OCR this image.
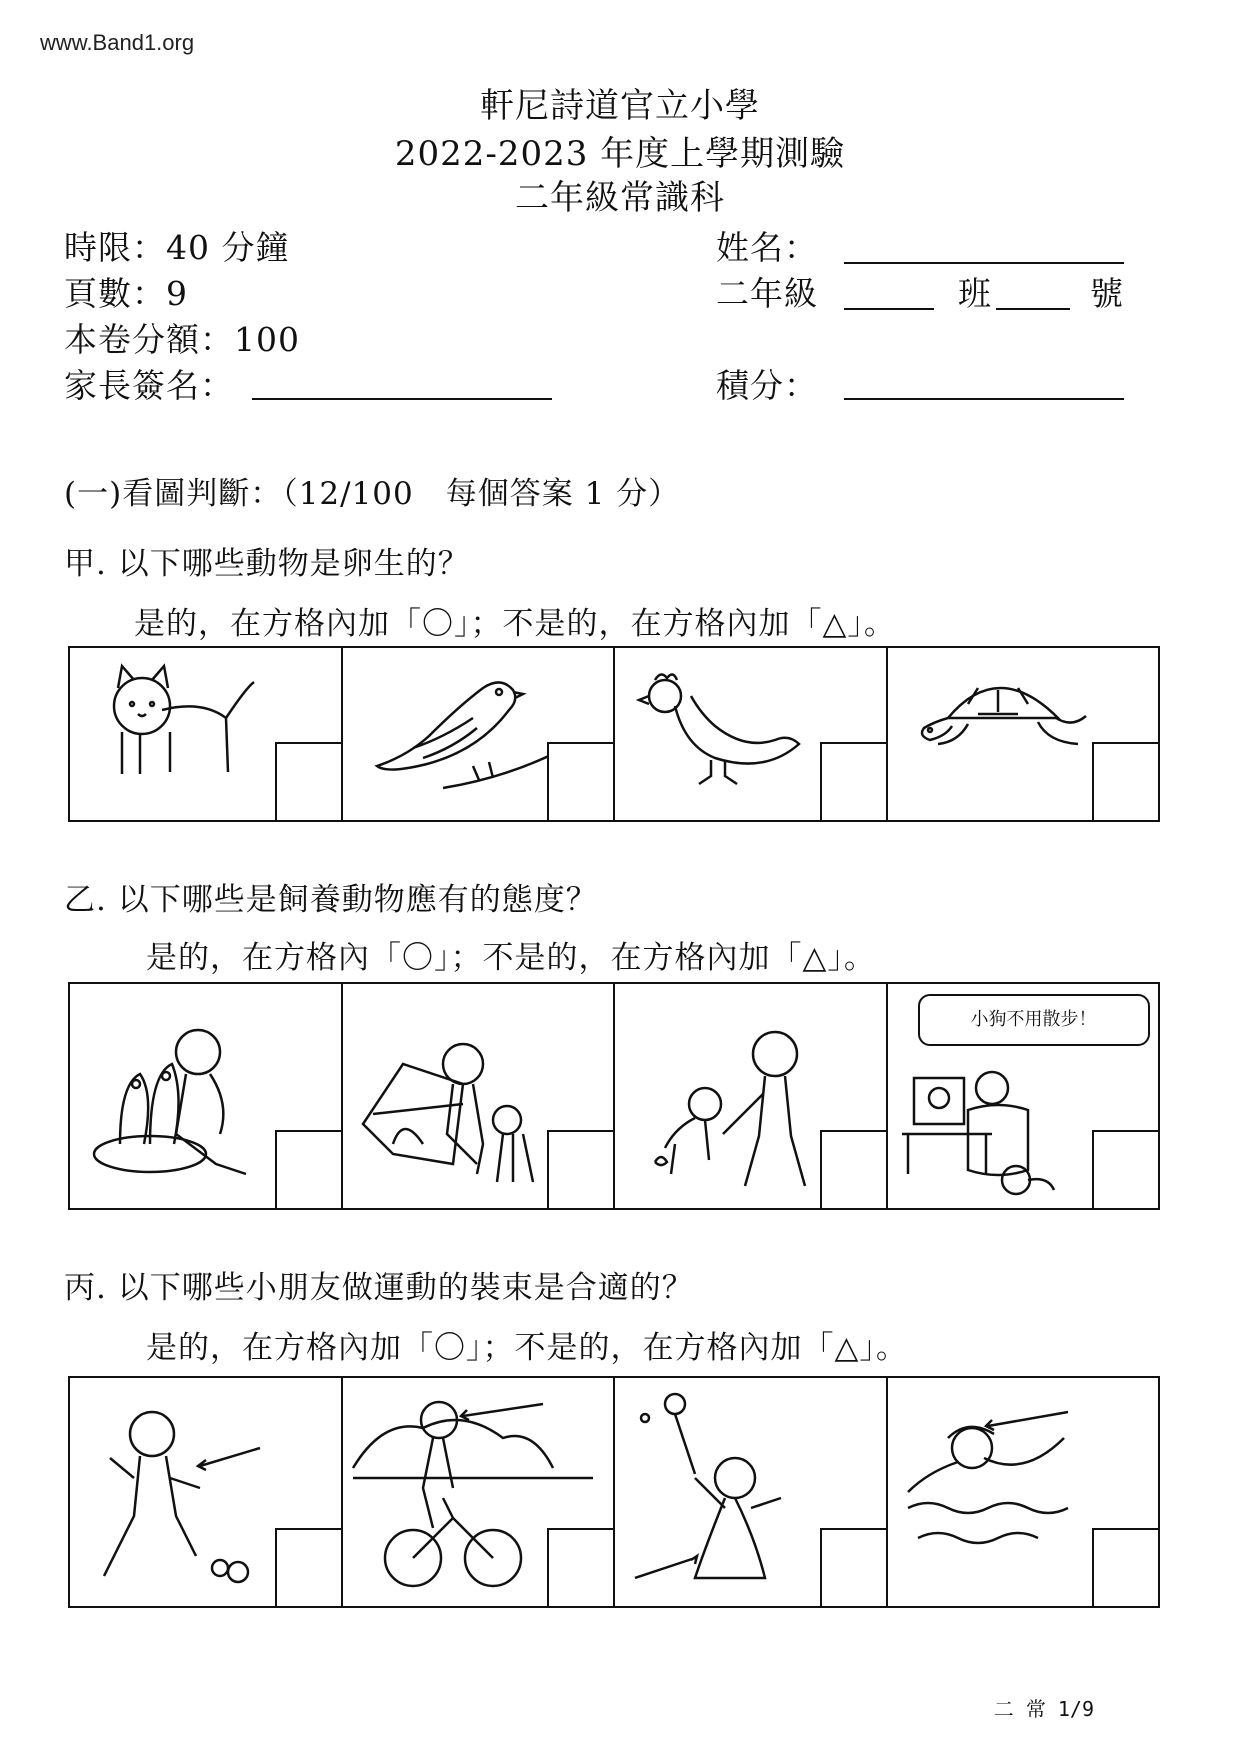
www.Band1.org
軒尼詩道官立小學
2022-2023 年度上學期測驗
二年級常識科
時限：40 分鐘
頁數：9
本卷分額：100
家長簽名：
姓名：
二年級	班	號
積分：
(一)看圖判斷：（12/100　每個答案 1 分）
甲. 以下哪些動物是卵生的？
是的，在方格內加「〇」；不是的，在方格內加「△」。
乙. 以下哪些是飼養動物應有的態度？
是的，在方格內「〇」；不是的，在方格內加「△」。
小狗不用散步！
丙. 以下哪些小朋友做運動的裝束是合適的？
是的，在方格內加「〇」；不是的，在方格內加「△」。
二 常 1/9
